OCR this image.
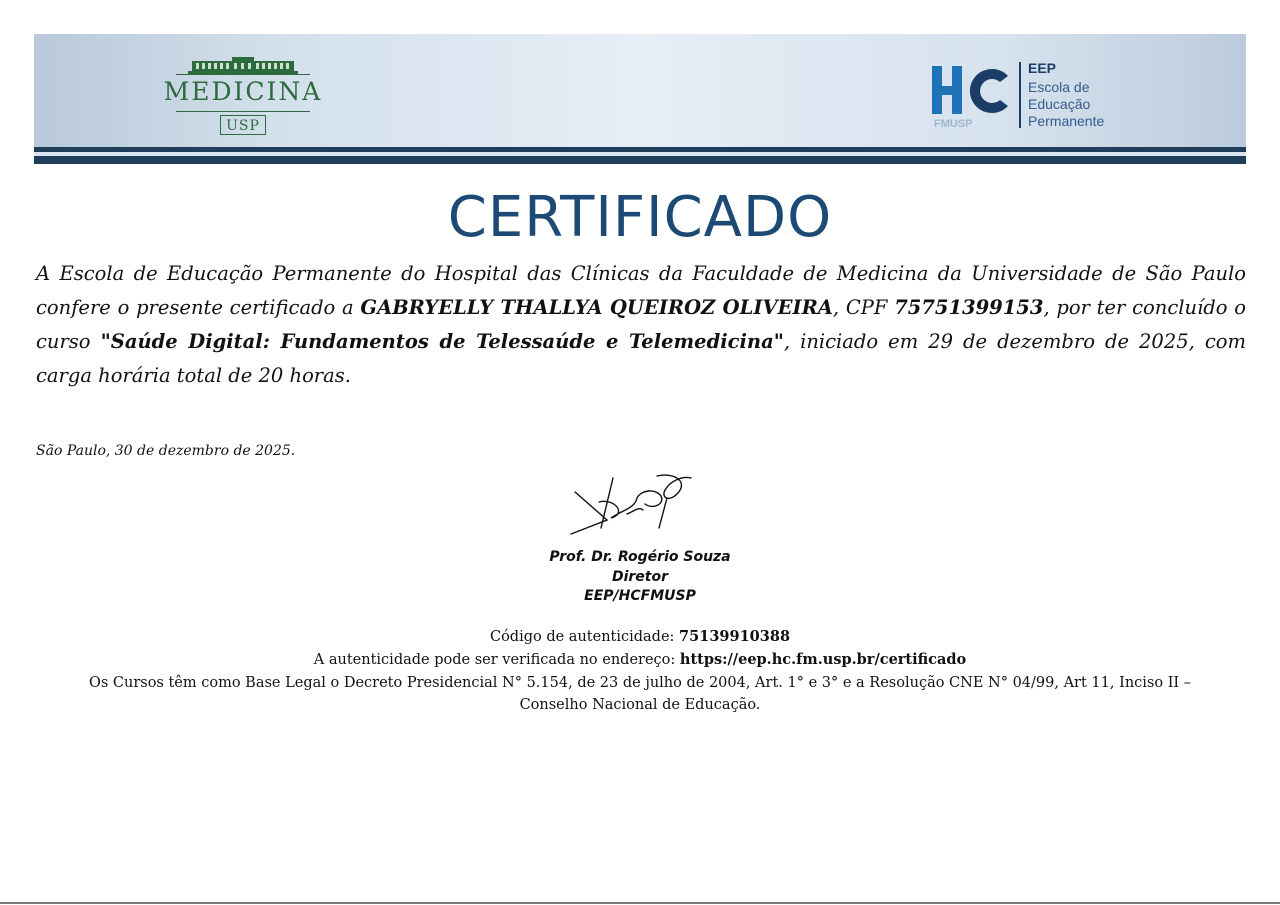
MEDICINA
USP	FMUSP
EEP
Escola de
Educação
Permanente
CERTIFICADO
A Escola de Educação Permanente do Hospital das Clínicas da Faculdade de Medicina da Universidade de São Paulo confere o presente certificado a GABRYELLY THALLYA QUEIROZ OLIVEIRA, CPF 75751399153, por ter concluído o curso "Saúde Digital: Fundamentos de Telessaúde e Telemedicina", iniciado em 29 de dezembro de 2025, com carga horária total de 20 horas.
São Paulo, 30 de dezembro de 2025.
Prof. Dr. Rogério Souza
Diretor
EEP/HCFMUSP
Código de autenticidade: 75139910388
A autenticidade pode ser verificada no endereço: https://eep.hc.fm.usp.br/certificado
Os Cursos têm como Base Legal o Decreto Presidencial N° 5.154, de 23 de julho de 2004, Art. 1° e 3° e a Resolução CNE N° 04/99, Art 11, Inciso II –
Conselho Nacional de Educação.
